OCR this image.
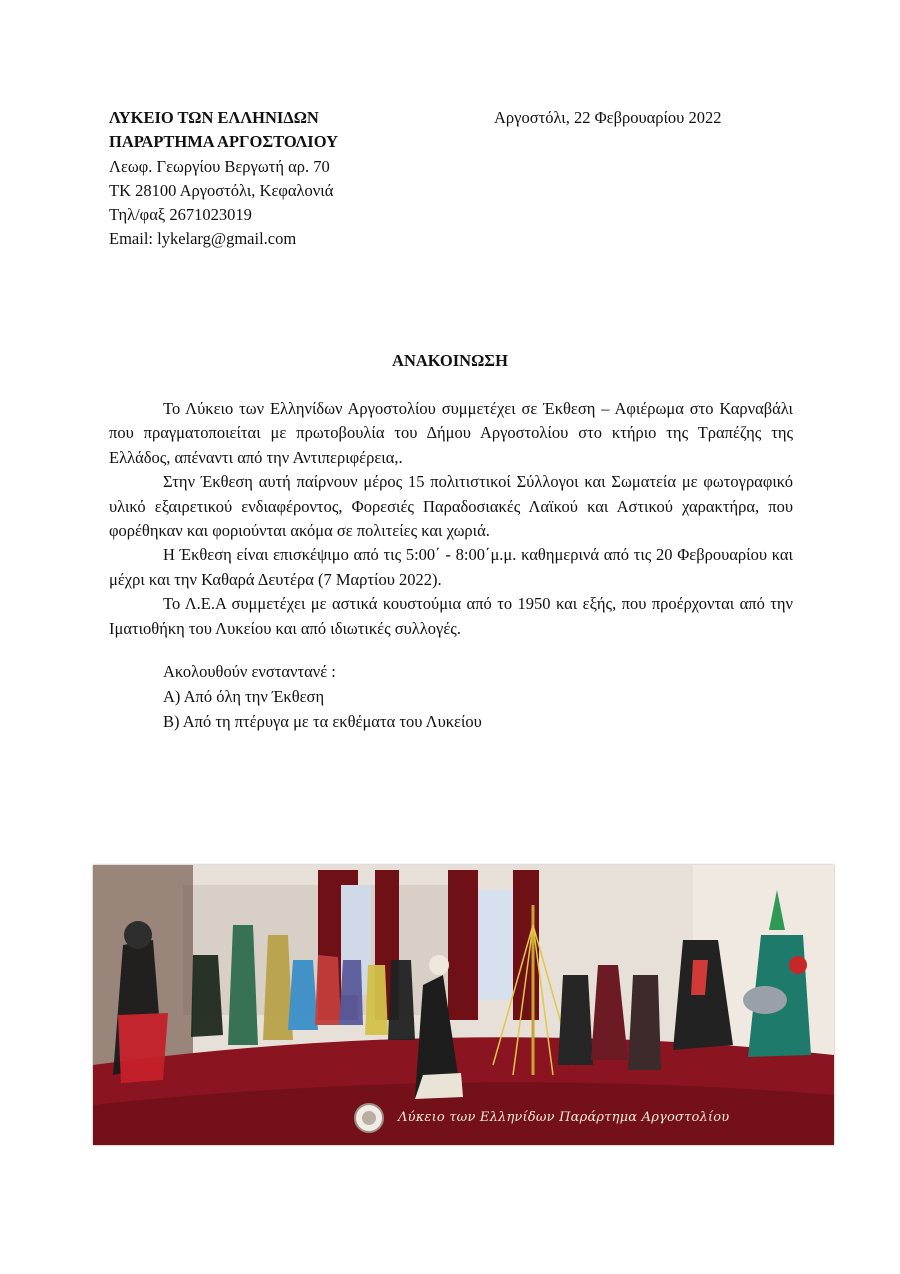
ΛΥΚΕΙΟ ΤΩΝ ΕΛΛΗΝΙΔΩΝ
ΠΑΡΑΡΤΗΜΑ ΑΡΓΟΣΤΟΛΙΟΥ
Λεωφ. Γεωργίου Βεργωτή αρ. 70
ΤΚ 28100 Αργοστόλι, Κεφαλονιά
Τηλ/φαξ 2671023019
Email: lykelarg@gmail.com
Αργοστόλι, 22 Φεβρουαρίου 2022
ΑΝΑΚΟΙΝΩΣΗ

Το Λύκειο των Ελληνίδων Αργοστολίου συμμετέχει σε Έκθεση – Αφιέρωμα στο Καρναβάλι που πραγματοποιείται με πρωτοβουλία του Δήμου Αργοστολίου στο κτήριο της Τραπέζης της Ελλάδος, απέναντι από την Αντιπεριφέρεια,.

Στην Έκθεση αυτή παίρνουν μέρος 15 πολιτιστικοί Σύλλογοι και Σωματεία με φωτογραφικό υλικό εξαιρετικού ενδιαφέροντος, Φορεσιές Παραδοσιακές Λαϊκού και Αστικού χαρακτήρα, που φορέθηκαν και φοριούνται ακόμα σε πολιτείες και χωριά.

Η Έκθεση είναι επισκέψιμο από τις 5:00΄ - 8:00΄μ.μ. καθημερινά από τις 20 Φεβρουαρίου και μέχρι και την Καθαρά Δευτέρα (7 Μαρτίου 2022).

Το Λ.Ε.Α συμμετέχει με αστικά κουστούμια από το 1950 και εξής, που προέρχονται από την Ιματιοθήκη του Λυκείου και από ιδιωτικές συλλογές.

Ακολουθούν ενσταντανέ :
Α) Από όλη την Έκθεση
Β) Από τη πτέρυγα με τα εκθέματα του Λυκείου
Λύκειο των Ελληνίδων Παράρτημα Αργοστολίου
